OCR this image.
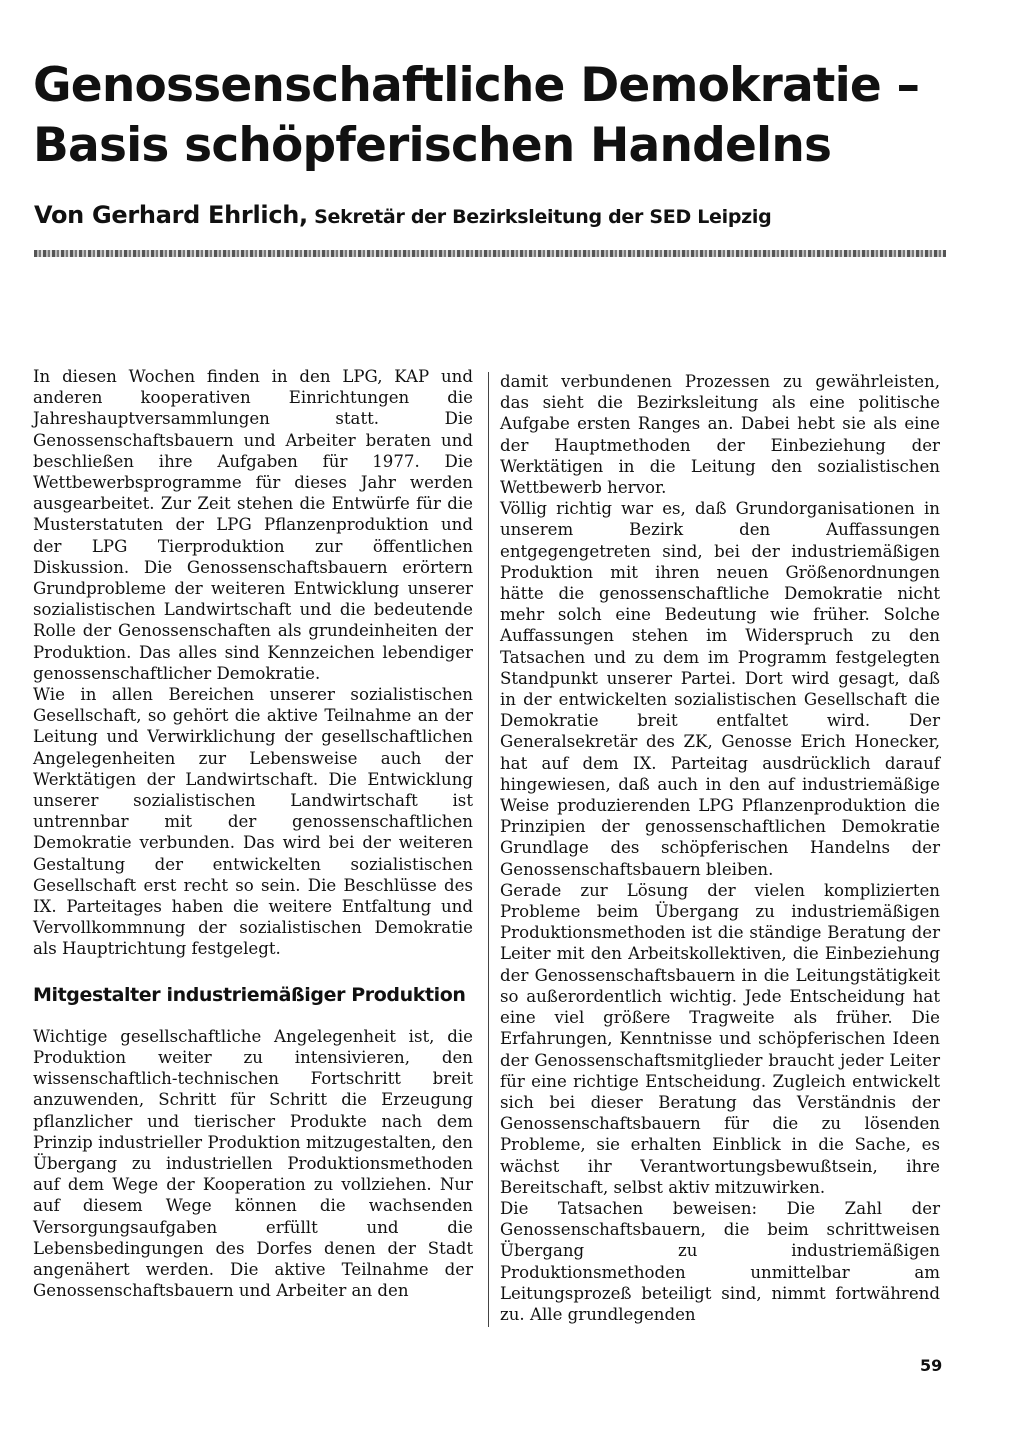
Genossenschaftliche Demokratie –
Basis schöpferischen Handelns
Von Gerhard Ehrlich, Sekretär der Bezirksleitung der SED Leipzig

In diesen Wochen finden in den LPG, KAP und anderen kooperativen Einrichtungen die Jahreshauptversammlungen statt. Die Genossenschaftsbauern und Arbeiter beraten und beschließen ihre Aufgaben für 1977. Die Wettbewerbsprogramme für dieses Jahr werden ausgearbeitet. Zur Zeit stehen die Entwürfe für die Musterstatuten der LPG Pflanzenproduktion und der LPG Tierproduktion zur öffentlichen Diskussion. Die Genossenschaftsbauern erörtern Grundprobleme der weiteren Entwicklung unserer sozialistischen Landwirtschaft und die bedeutende Rolle der Genossenschaften als grundeinheiten der Produktion. Das alles sind Kennzeichen lebendiger genossenschaftlicher Demokratie.

Wie in allen Bereichen unserer sozialistischen Gesellschaft, so gehört die aktive Teilnahme an der Leitung und Verwirklichung der gesellschaftlichen Angelegenheiten zur Lebensweise auch der Werktätigen der Landwirtschaft. Die Entwicklung unserer sozialistischen Landwirtschaft ist untrennbar mit der genossenschaftlichen Demokratie verbunden. Das wird bei der weiteren Gestaltung der entwickelten sozialistischen Gesellschaft erst recht so sein. Die Beschlüsse des IX. Parteitages haben die weitere Entfaltung und Vervollkommnung der sozialistischen Demokratie als Hauptrichtung festgelegt.

Mitgestalter industriemäßiger Produktion

Wichtige gesellschaftliche Angelegenheit ist, die Produktion weiter zu intensivieren, den wissenschaftlich-technischen Fortschritt breit anzuwenden, Schritt für Schritt die Erzeugung pflanzlicher und tierischer Produkte nach dem Prinzip industrieller Produktion mitzugestalten, den Übergang zu industriellen Produktionsmethoden auf dem Wege der Kooperation zu vollziehen. Nur auf diesem Wege können die wachsenden Versorgungsaufgaben erfüllt und die Lebensbedingungen des Dorfes denen der Stadt angenähert werden. Die aktive Teilnahme der Genossenschaftsbauern und Arbeiter an den

damit verbundenen Prozessen zu gewährleisten, das sieht die Bezirksleitung als eine politische Aufgabe ersten Ranges an. Dabei hebt sie als eine der Hauptmethoden der Einbeziehung der Werktätigen in die Leitung den sozialistischen Wettbewerb hervor.

Völlig richtig war es, daß Grundorganisationen in unserem Bezirk den Auffassungen entgegengetreten sind, bei der industriemäßigen Produktion mit ihren neuen Größenordnungen hätte die genossenschaftliche Demokratie nicht mehr solch eine Bedeutung wie früher. Solche Auffassungen stehen im Widerspruch zu den Tatsachen und zu dem im Programm festgelegten Standpunkt unserer Partei. Dort wird gesagt, daß in der entwickelten sozialistischen Gesellschaft die Demokratie breit entfaltet wird. Der Generalsekretär des ZK, Genosse Erich Honecker, hat auf dem IX. Parteitag ausdrücklich darauf hingewiesen, daß auch in den auf industriemäßige Weise produzierenden LPG Pflanzenproduktion die Prinzipien der genossenschaftlichen Demokratie Grundlage des schöpferischen Handelns der Genossenschaftsbauern bleiben.

Gerade zur Lösung der vielen komplizierten Probleme beim Übergang zu industriemäßigen Produktionsmethoden ist die ständige Beratung der Leiter mit den Arbeitskollektiven, die Einbeziehung der Genossenschaftsbauern in die Leitungstätigkeit so außerordentlich wichtig. Jede Entscheidung hat eine viel größere Tragweite als früher. Die Erfahrungen, Kenntnisse und schöpferischen Ideen der Genossenschaftsmitglieder braucht jeder Leiter für eine richtige Entscheidung. Zugleich entwickelt sich bei dieser Beratung das Verständnis der Genossenschaftsbauern für die zu lösenden Probleme, sie erhalten Einblick in die Sache, es wächst ihr Verantwortungsbewußtsein, ihre Bereitschaft, selbst aktiv mitzuwirken.

Die Tatsachen beweisen: Die Zahl der Genossenschaftsbauern, die beim schrittweisen Übergang zu industriemäßigen Produktionsmethoden unmittelbar am Leitungsprozeß beteiligt sind, nimmt fortwährend zu. Alle grundlegenden

59
